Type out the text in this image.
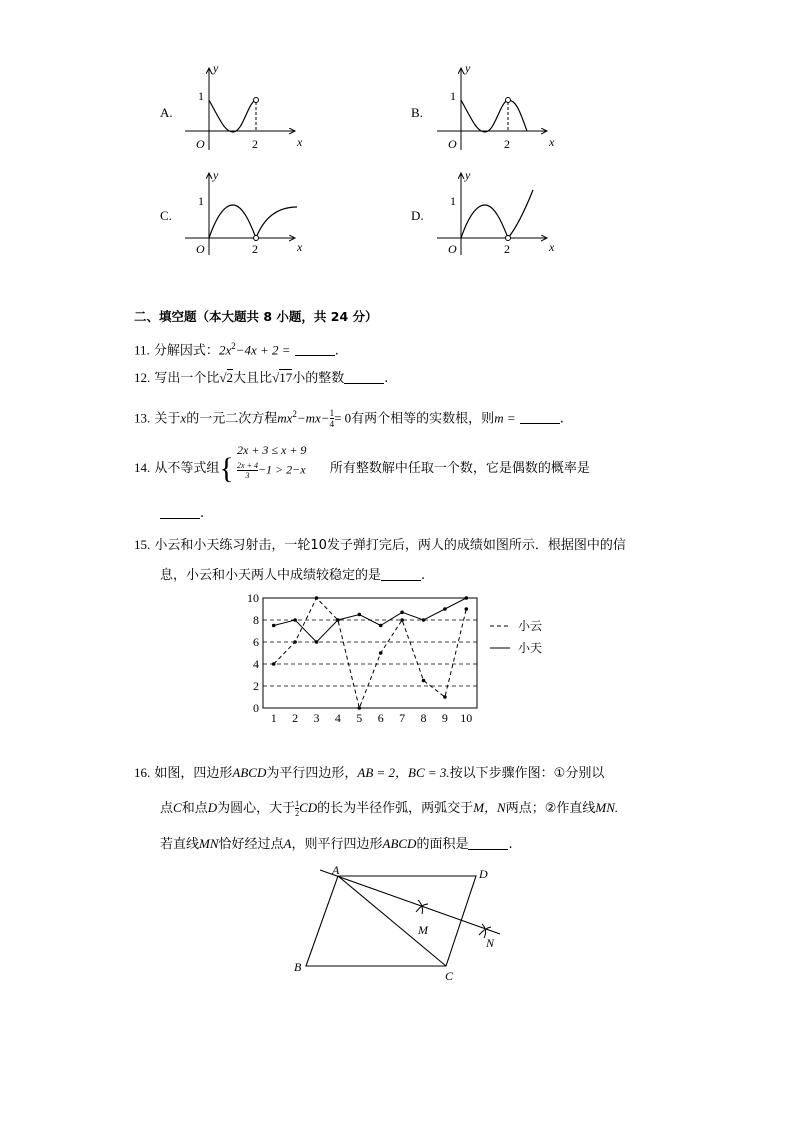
A.	B.
C.	D.
y
x
1
O	2
y
x
1
O	2
y
x
1
O	2
y
x
1
O	2
二、填空题（本大题共 8 小题，共 24 分）
11. 分解因式：$2x^2-4x + 2$ =	.
12. 写出一个比√2大且比√17小的整数	.
13. 关于x的一元二次方程$mx^2-mx- \frac{1}{4} = 0$有两个相等的实数根，则m =	.
14. 从不等式组{	所有整数解中任取一个数，它是偶数的概率是
2x + 3 ≤ x + 9
$\frac{2x + 4}{3} -1 > 2-x$
.
15. 小云和小天练习射击，一轮10发子弹打完后，两人的成绩如图所示．根据图中的信
息，小云和小天两人中成绩较稳定的是	.
0
2
4
6
8
10
1 2 3 4 5 6 7 8 9 10
小云
小天
16. 如图，四边形ABCD为平行四边形，AB = 2，BC = 3.按以下步骤作图：①分别以
点C和点D为圆心，大于 $\frac{1}{2}$ CD的长为半径作弧，两弧交于M，N两点；②作直线MN.
若直线MN恰好经过点A，则平行四边形ABCD的面积是	.
A	D
B
C
M
N
